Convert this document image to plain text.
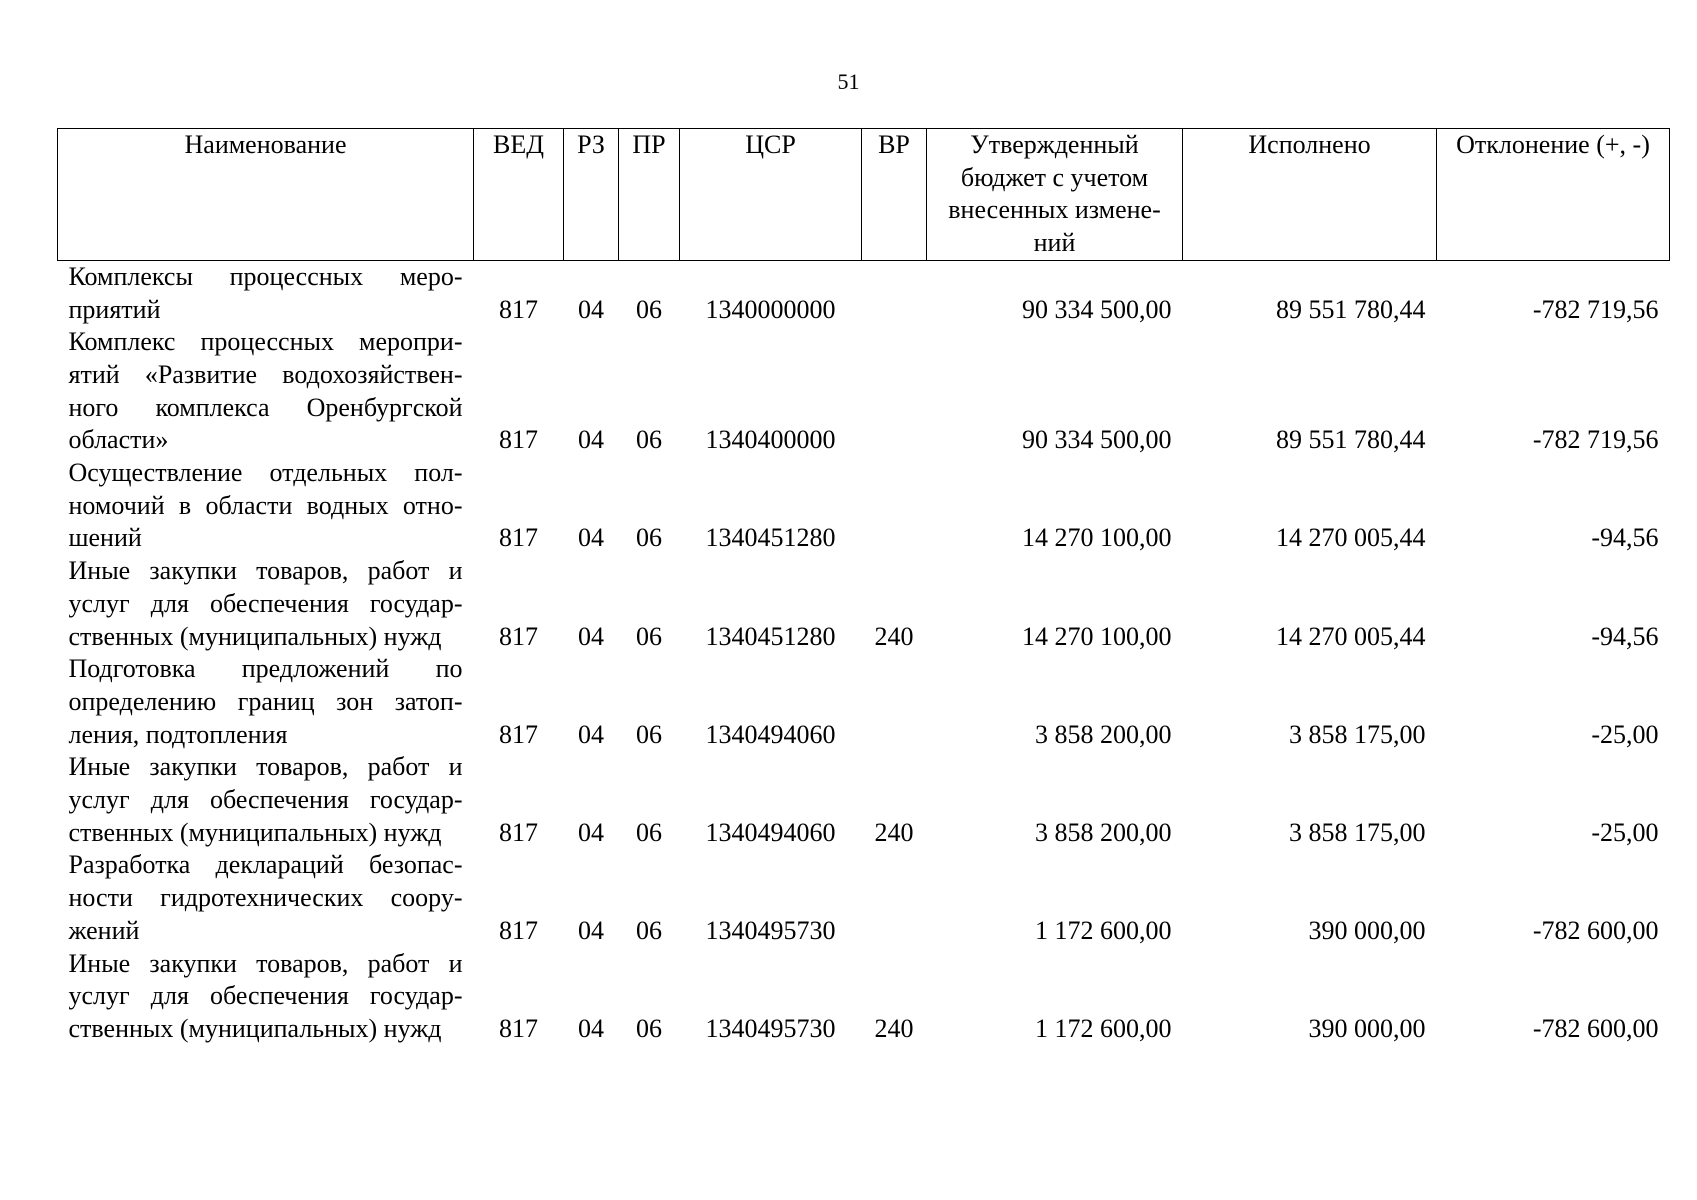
51
Наименование	ВЕД	РЗ	ПР	ЦСР	ВР	Утвержденный бюджет с учетом внесенных измене-ний	Исполнено	Отклонение (+, -)
Комплексы процессных меро-приятий	817	04	06	1340000000		90 334 500,00	89 551 780,44	-782 719,56
Комплекс процессных меропри-ятий «Развитие водохозяйствен-ного комплекса Оренбургской области»	817	04	06	1340400000		90 334 500,00	89 551 780,44	-782 719,56
Осуществление отдельных пол-номочий в области водных отно-шений	817	04	06	1340451280		14 270 100,00	14 270 005,44	-94,56
Иные закупки товаров, работ и услуг для обеспечения государ-ственных (муниципальных) нужд	817	04	06	1340451280	240	14 270 100,00	14 270 005,44	-94,56
Подготовка предложений по определению границ зон затоп-ления, подтопления	817	04	06	1340494060		3 858 200,00	3 858 175,00	-25,00
Иные закупки товаров, работ и услуг для обеспечения государ-ственных (муниципальных) нужд	817	04	06	1340494060	240	3 858 200,00	3 858 175,00	-25,00
Разработка деклараций безопас-ности гидротехнических соору-жений	817	04	06	1340495730		1 172 600,00	390 000,00	-782 600,00
Иные закупки товаров, работ и услуг для обеспечения государ-ственных (муниципальных) нужд	817	04	06	1340495730	240	1 172 600,00	390 000,00	-782 600,00
